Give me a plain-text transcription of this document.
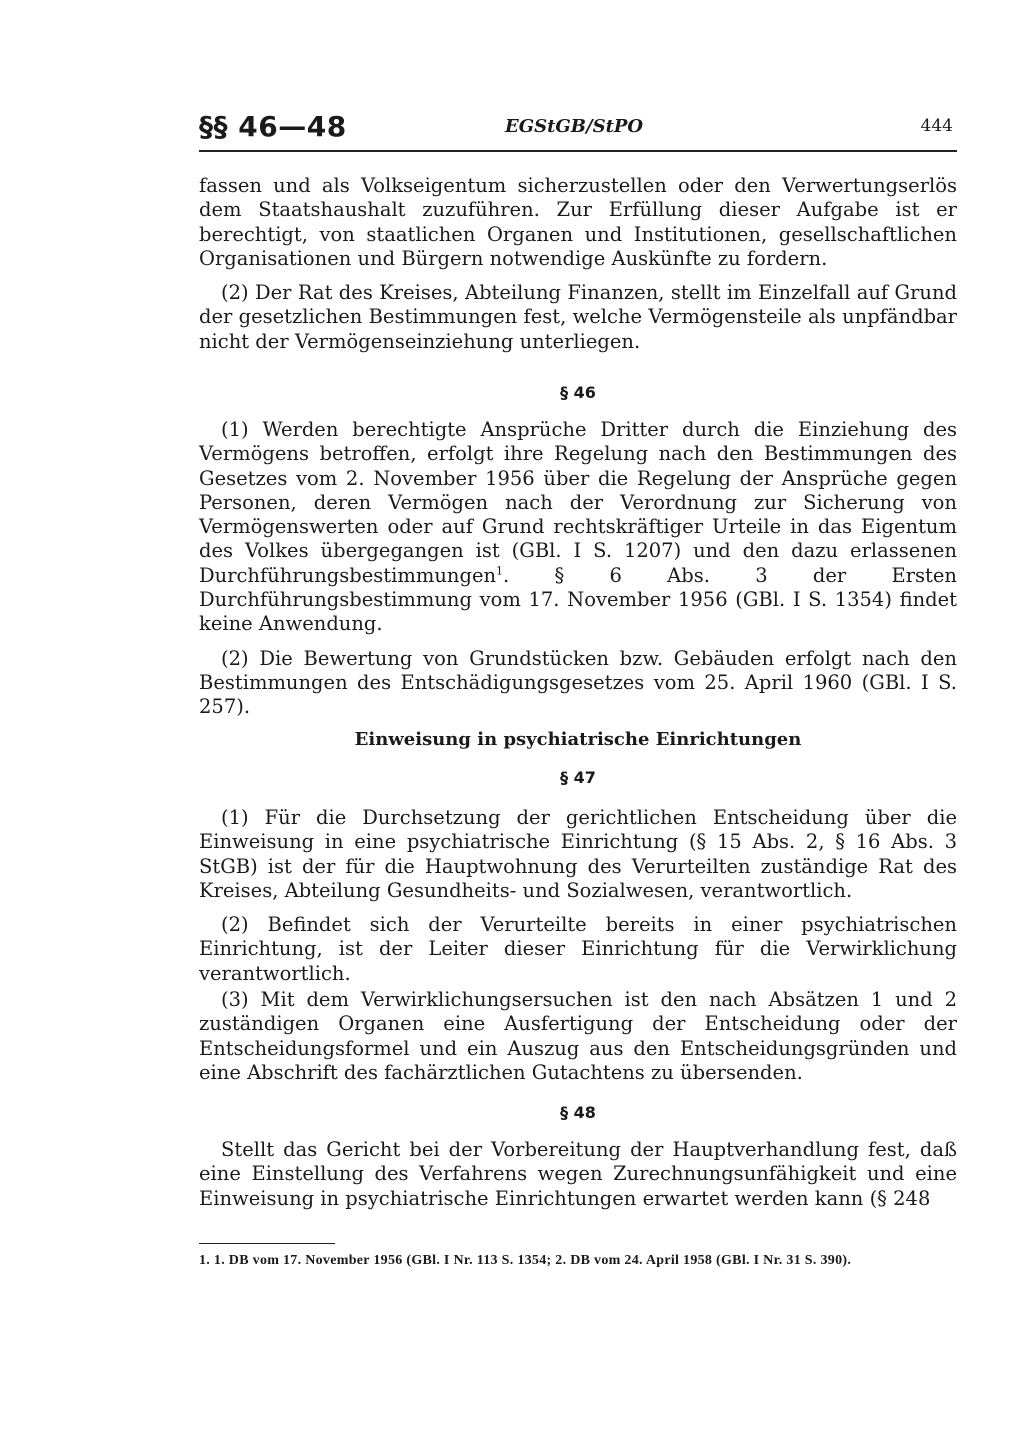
§§ 46—48	EGStGB/StPO	444

fassen und als Volkseigentum sicherzustellen oder den Verwertungserlös dem Staatshaushalt zuzuführen. Zur Erfüllung dieser Aufgabe ist er berechtigt, von staatlichen Organen und Institutionen, gesellschaftlichen Organisationen und Bürgern notwendige Auskünfte zu fordern.

(2) Der Rat des Kreises, Abteilung Finanzen, stellt im Einzelfall auf Grund der gesetzlichen Bestimmungen fest, welche Vermögensteile als unpfändbar nicht der Vermögenseinziehung unterliegen.

§ 46

(1) Werden berechtigte Ansprüche Dritter durch die Einziehung des Vermögens betroffen, erfolgt ihre Regelung nach den Bestimmungen des Gesetzes vom 2. November 1956 über die Regelung der Ansprüche gegen Personen, deren Vermögen nach der Verordnung zur Sicherung von Vermögenswerten oder auf Grund rechtskräftiger Urteile in das Eigentum des Volkes übergegangen ist (GBl. I S. 1207) und den dazu erlassenen Durchführungsbestimmungen$^1$. § 6 Abs. 3 der Ersten Durchführungsbestimmung vom 17. November 1956 (GBl. I S. 1354) findet keine Anwendung.

(2) Die Bewertung von Grundstücken bzw. Gebäuden erfolgt nach den Bestimmungen des Entschädigungsgesetzes vom 25. April 1960 (GBl. I S. 257).

Einweisung in psychiatrische Einrichtungen

§ 47

(1) Für die Durchsetzung der gerichtlichen Entscheidung über die Einweisung in eine psychiatrische Einrichtung (§ 15 Abs. 2, § 16 Abs. 3 StGB) ist der für die Hauptwohnung des Verurteilten zuständige Rat des Kreises, Abteilung Gesundheits- und Sozialwesen, verantwortlich.

(2) Befindet sich der Verurteilte bereits in einer psychiatrischen Einrichtung, ist der Leiter dieser Einrichtung für die Verwirklichung verantwortlich.

(3) Mit dem Verwirklichungsersuchen ist den nach Absätzen 1 und 2 zuständigen Organen eine Ausfertigung der Entscheidung oder der Entscheidungsformel und ein Auszug aus den Entscheidungsgründen und eine Abschrift des fachärztlichen Gutachtens zu übersenden.

§ 48

Stellt das Gericht bei der Vorbereitung der Hauptverhandlung fest, daß eine Einstellung des Verfahrens wegen Zurechnungsunfähigkeit und eine Einweisung in psychiatrische Einrichtungen erwartet werden kann (§ 248

1. 1. DB vom 17. November 1956 (GBl. I Nr. 113 S. 1354; 2. DB vom 24. April 1958 (GBl. I Nr. 31 S. 390).
